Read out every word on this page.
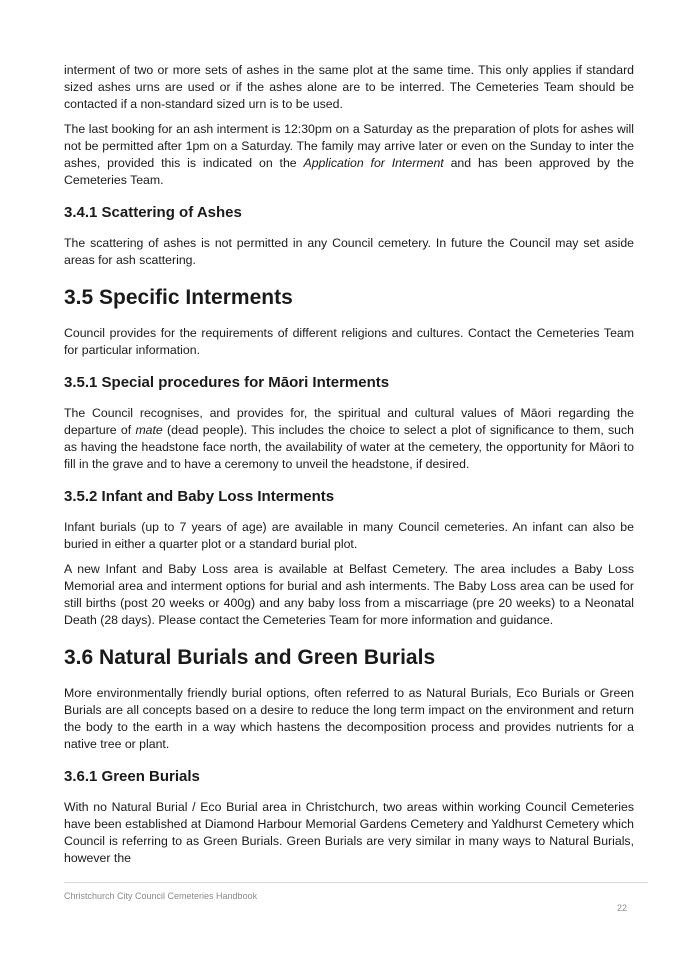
interment of two or more sets of ashes in the same plot at the same time. This only applies if standard sized ashes urns are used or if the ashes alone are to be interred. The Cemeteries Team should be contacted if a non-standard sized urn is to be used.

The last booking for an ash interment is 12:30pm on a Saturday as the preparation of plots for ashes will not be permitted after 1pm on a Saturday. The family may arrive later or even on the Sunday to inter the ashes, provided this is indicated on the Application for Interment and has been approved by the Cemeteries Team.

3.4.1 Scattering of Ashes

The scattering of ashes is not permitted in any Council cemetery. In future the Council may set aside areas for ash scattering.

3.5 Specific Interments

Council provides for the requirements of different religions and cultures. Contact the Cemeteries Team for particular information.

3.5.1 Special procedures for Māori Interments

The Council recognises, and provides for, the spiritual and cultural values of Māori regarding the departure of mate (dead people). This includes the choice to select a plot of significance to them, such as having the headstone face north, the availability of water at the cemetery, the opportunity for Māori to fill in the grave and to have a ceremony to unveil the headstone, if desired.

3.5.2 Infant and Baby Loss Interments

Infant burials (up to 7 years of age) are available in many Council cemeteries. An infant can also be buried in either a quarter plot or a standard burial plot.

A new Infant and Baby Loss area is available at Belfast Cemetery. The area includes a Baby Loss Memorial area and interment options for burial and ash interments. The Baby Loss area can be used for still births (post 20 weeks or 400g) and any baby loss from a miscarriage (pre 20 weeks) to a Neonatal Death (28 days). Please contact the Cemeteries Team for more information and guidance.

3.6 Natural Burials and Green Burials

More environmentally friendly burial options, often referred to as Natural Burials, Eco Burials or Green Burials are all concepts based on a desire to reduce the long term impact on the environment and return the body to the earth in a way which hastens the decomposition process and provides nutrients for a native tree or plant.

3.6.1 Green Burials

With no Natural Burial / Eco Burial area in Christchurch, two areas within working Council Cemeteries have been established at Diamond Harbour Memorial Gardens Cemetery and Yaldhurst Cemetery which Council is referring to as Green Burials. Green Burials are very similar in many ways to Natural Burials, however the

Christchurch City Council Cemeteries Handbook
22
